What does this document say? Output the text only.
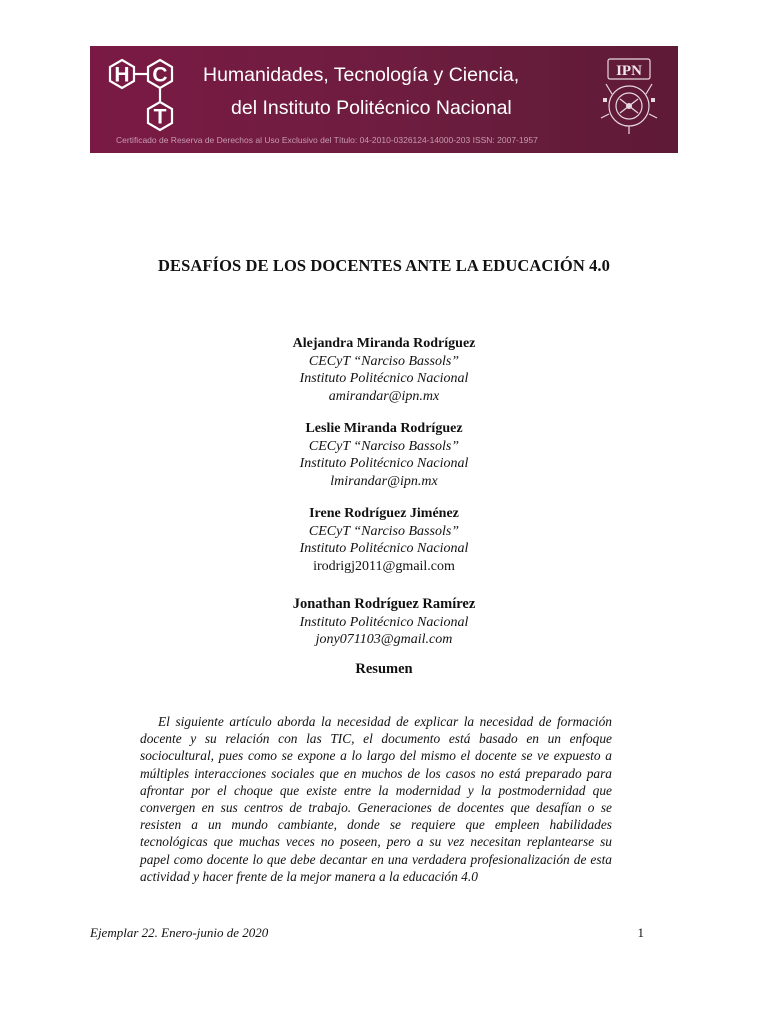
H C
T
Humanidades, Tecnología y Ciencia,
del Instituto Politécnico Nacional
Certificado de Reserva de Derechos al Uso Exclusivo del Título: 04-2010-0326124-14000-203 ISSN: 2007-1957
IPN
DESAFÍOS DE LOS DOCENTES ANTE LA EDUCACIÓN 4.0
Alejandra Miranda Rodríguez
CECyT “Narciso Bassols”
Instituto Politécnico Nacional
amirandar@ipn.mx
Leslie Miranda Rodríguez
CECyT “Narciso Bassols”
Instituto Politécnico Nacional
lmirandar@ipn.mx
Irene Rodríguez Jiménez
CECyT “Narciso Bassols”
Instituto Politécnico Nacional
irodrigj2011@gmail.com
Jonathan Rodríguez Ramírez
Instituto Politécnico Nacional
jony071103@gmail.com
Resumen

El siguiente artículo aborda la necesidad de explicar la necesidad de formación docente y su relación con las TIC, el documento está basado en un enfoque sociocultural, pues como se expone a lo largo del mismo el docente se ve expuesto a múltiples interacciones sociales que en muchos de los casos no está preparado para afrontar por el choque que existe entre la modernidad y la postmodernidad que convergen en sus centros de trabajo. Generaciones de docentes que desafían o se resisten a un mundo cambiante, donde se requiere que empleen habilidades tecnológicas que muchas veces no poseen, pero a su vez necesitan replantearse su papel como docente lo que debe decantar en una verdadera profesionalización de esta actividad y hacer frente de la mejor manera a la educación 4.0

Ejemplar 22. Enero-junio de 2020	1
